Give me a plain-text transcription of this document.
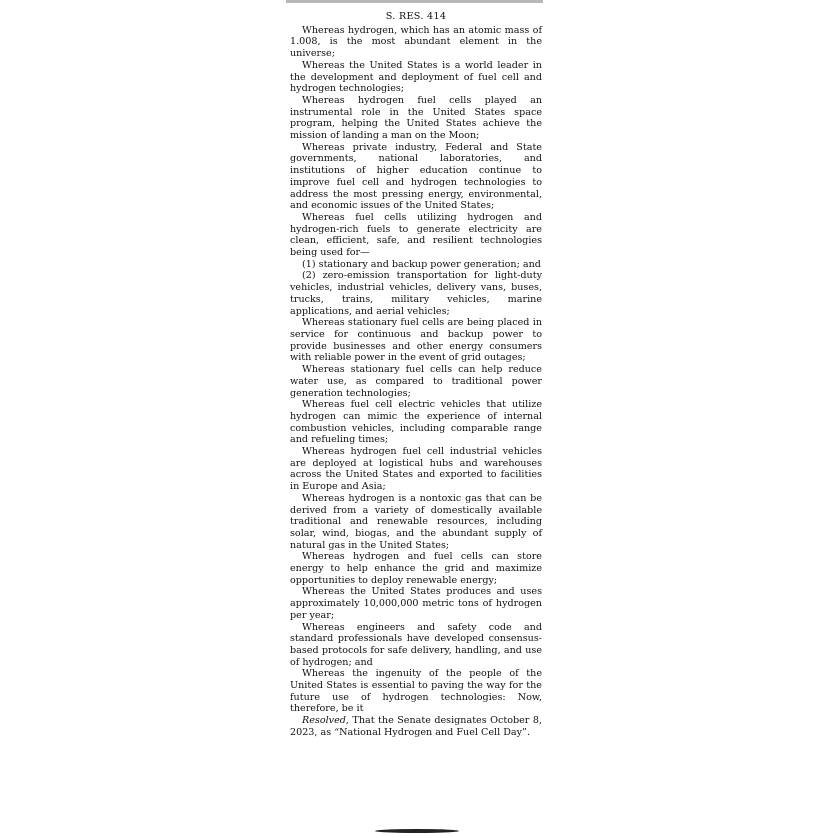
S. RES. 414

Whereas hydrogen, which has an atomic mass of 1.008, is the most abundant element in the universe;

Whereas the United States is a world leader in the development and deployment of fuel cell and hydrogen technologies;

Whereas hydrogen fuel cells played an instrumental role in the United States space program, helping the United States achieve the mission of landing a man on the Moon;

Whereas private industry, Federal and State governments, national laboratories, and institutions of higher education continue to improve fuel cell and hydrogen technologies to address the most pressing energy, environmental, and economic issues of the United States;

Whereas fuel cells utilizing hydrogen and hydrogen-rich fuels to generate electricity are clean, efficient, safe, and resilient technologies being used for—

(1) stationary and backup power generation; and

(2) zero-emission transportation for light-duty vehicles, industrial vehicles, delivery vans, buses, trucks, trains, military vehicles, marine applications, and aerial vehicles;

Whereas stationary fuel cells are being placed in service for continuous and backup power to provide businesses and other energy consumers with reliable power in the event of grid outages;

Whereas stationary fuel cells can help reduce water use, as compared to traditional power generation technologies;

Whereas fuel cell electric vehicles that utilize hydrogen can mimic the experience of internal combustion vehicles, including comparable range and refueling times;

Whereas hydrogen fuel cell industrial vehicles are deployed at logistical hubs and warehouses across the United States and exported to facilities in Europe and Asia;

Whereas hydrogen is a nontoxic gas that can be derived from a variety of domestically available traditional and renewable resources, including solar, wind, biogas, and the abundant supply of natural gas in the United States;

Whereas hydrogen and fuel cells can store energy to help enhance the grid and maximize opportunities to deploy renewable energy;

Whereas the United States produces and uses approximately 10,000,000 metric tons of hydrogen per year;

Whereas engineers and safety code and standard professionals have developed consensus-based protocols for safe delivery, handling, and use of hydrogen; and

Whereas the ingenuity of the people of the United States is essential to paving the way for the future use of hydrogen technologies: Now, therefore, be it

Resolved, That the Senate designates October 8, 2023, as “National Hydrogen and Fuel Cell Day”.
